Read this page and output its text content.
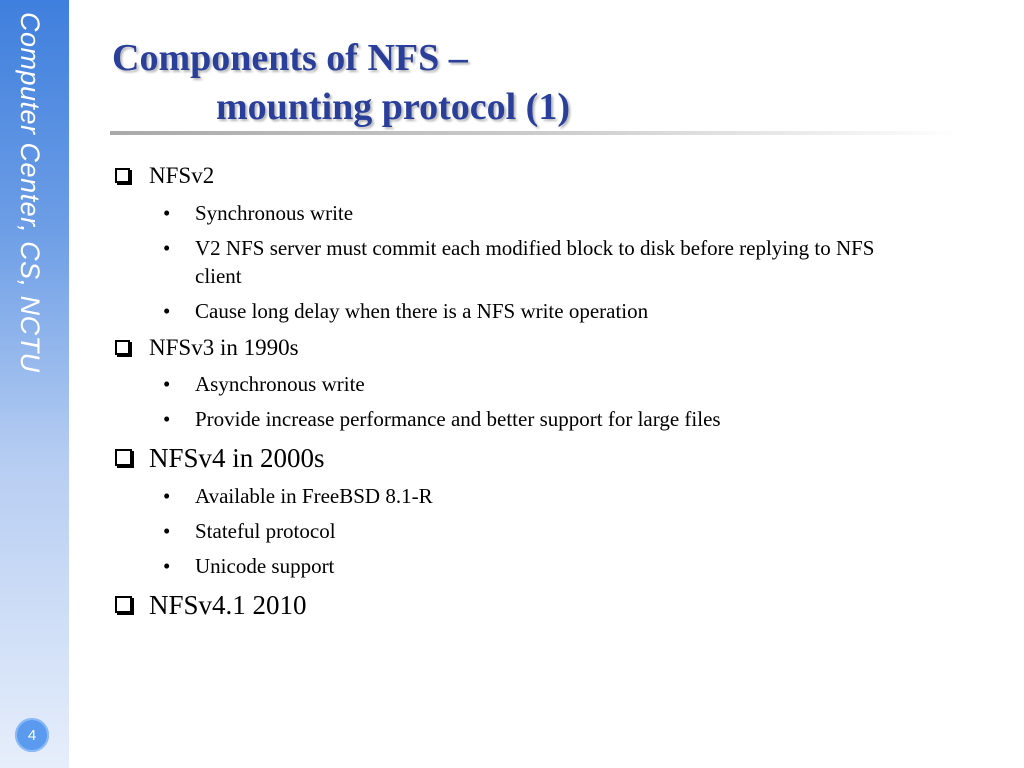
Computer Center, CS, NCTU
4
Components of NFS –
mounting protocol (1)
NFSv2
• Synchronous write
• V2 NFS server must commit each modified block to disk before replying to NFS client
• Cause long delay when there is a NFS write operation
NFSv3 in 1990s
• Asynchronous write
• Provide increase performance and better support for large files
NFSv4 in 2000s
• Available in FreeBSD 8.1-R
• Stateful protocol
• Unicode support
NFSv4.1 2010
